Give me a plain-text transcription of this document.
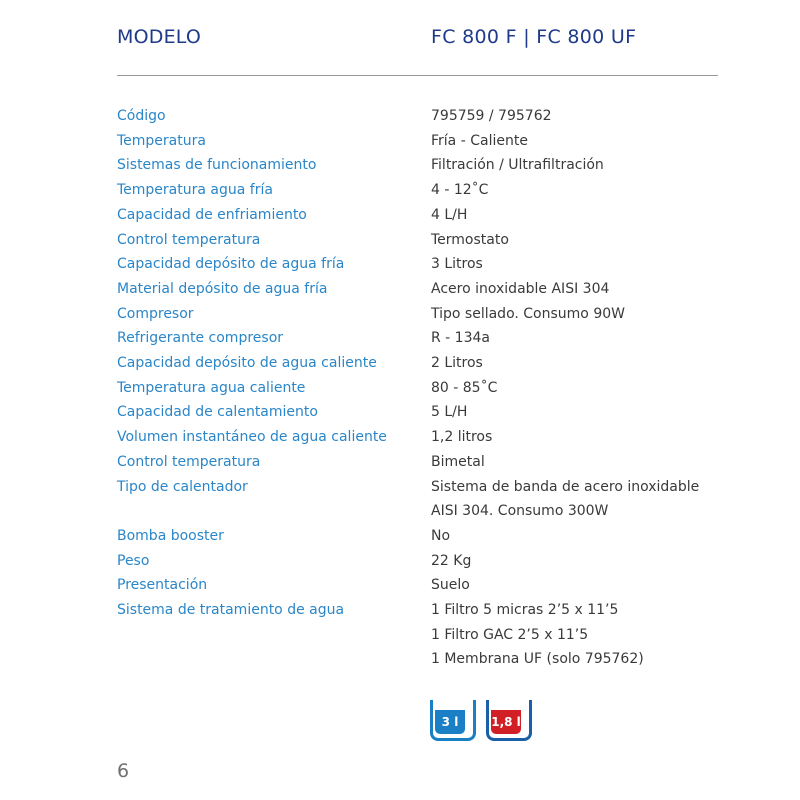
MODELO	FC 800 F | FC 800 UF
Código	795759 / 795762
Temperatura	Fría - Caliente
Sistemas de funcionamiento	Filtración / Ultrafiltración
Temperatura agua fría	4 - 12˚C
Capacidad de enfriamiento	4 L/H
Control temperatura	Termostato
Capacidad depósito de agua fría	3 Litros
Material depósito de agua fría	Acero inoxidable AISI 304
Compresor	Tipo sellado. Consumo 90W
Refrigerante compresor	R - 134a
Capacidad depósito de agua caliente	2 Litros
Temperatura agua caliente	80 - 85˚C
Capacidad de calentamiento	5 L/H
Volumen instantáneo de agua caliente	1,2 litros
Control temperatura	Bimetal
Tipo de calentador	Sistema de banda de acero inoxidable
AISI 304. Consumo 300W
Bomba booster	No
Peso	22 Kg
Presentación	Suelo
Sistema de tratamiento de agua	1 Filtro 5 micras 2’5 x 11’5
1 Filtro GAC 2’5 x 11’5
1 Membrana UF (solo 795762)
3 l	1,8 l
6
